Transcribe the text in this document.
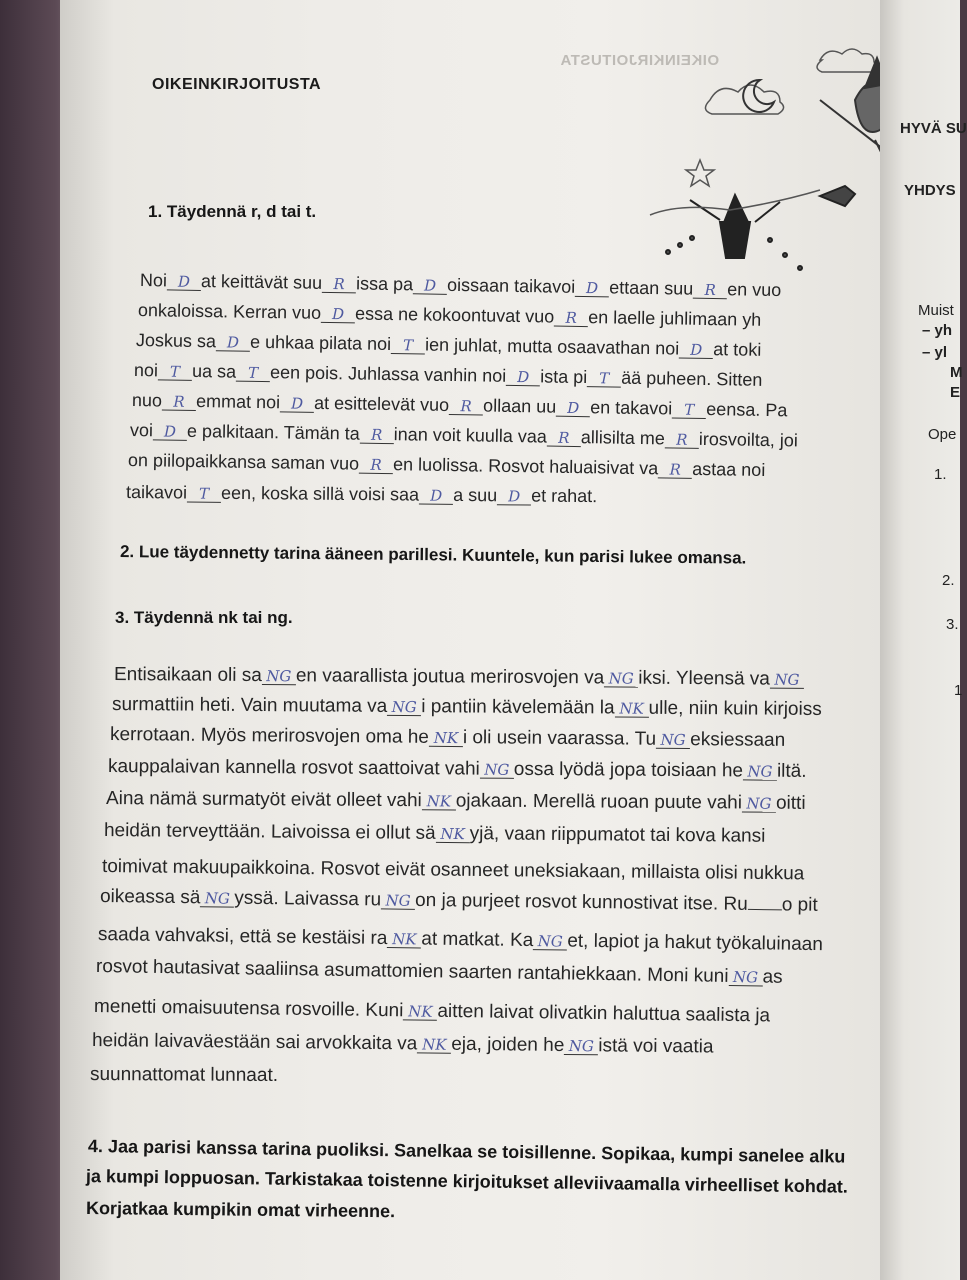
OIKEINKIRJOITUSTA
OIKEINKIRJOITUSTA
1. Täydennä r, d tai t.
Noi D at keittävät suu R issa pa D oissaan taikavoi D ettaan suu R en vuo
onkaloissa. Kerran vuo D essa ne kokoontuvat vuo R en laelle juhlimaan yh
Joskus sa D e uhkaa pilata noi T ien juhlat, mutta osaavathan noi D at toki
noi T ua sa T een pois. Juhlassa vanhin noi D ista pi T ää puheen. Sitten
nuo R emmat noi D at esittelevät vuo R ollaan uu D en takavoi T eensa. Pa
voi D e palkitaan. Tämän ta R inan voit kuulla vaa R allisilta me R irosvoilta, joi
on piilopaikkansa saman vuo R en luolissa. Rosvot haluaisivat va R astaa noi
taikavoi T een, koska sillä voisi saa D a suu D et rahat.
2. Lue täydennetty tarina ääneen parillesi. Kuuntele, kun parisi lukee omansa.
3. Täydennä nk tai ng.
Entisaikaan oli sa NG en vaarallista joutua merirosvojen va NG iksi. Yleensä va NG
surmattiin heti. Vain muutama va NG i pantiin kävelemään la NK ulle, niin kuin kirjoiss
kerrotaan. Myös merirosvojen oma he NK i oli usein vaarassa. Tu NG eksiessaan
kauppalaivan kannella rosvot saattoivat vahi NG ossa lyödä jopa toisiaan he NG iltä.
Aina nämä surmatyöt eivät olleet vahi NK ojakaan. Merellä ruoan puute vahi NG oitti
heidän terveyttään. Laivoissa ei ollut sä NK yjä, vaan riippumatot tai kova kansi
toimivat makuupaikkoina. Rosvot eivät osanneet uneksiakaan, millaista olisi nukkua
oikeassa sä NG yssä. Laivassa ru NG on ja purjeet rosvot kunnostivat itse. Ru o pit
saada vahvaksi, että se kestäisi ra NK at matkat. Ka NG et, lapiot ja hakut työkaluinaan
rosvot hautasivat saaliinsa asumattomien saarten rantahiekkaan. Moni kuni NG as
menetti omaisuutensa rosvoille. Kuni NK aitten laivat olivatkin haluttua saalista ja
heidän laivaväestään sai arvokkaita va NK eja, joiden he NG istä voi vaatia
suunnattomat lunnaat.
4. Jaa parisi kanssa tarina puoliksi. Sanelkaa se toisillenne. Sopikaa, kumpi sanelee alku
ja kumpi loppuosan. Tarkistakaa toistenne kirjoitukset alleviivaamalla virheelliset kohdat.
Korjatkaa kumpikin omat virheenne.
HYVÄ SU
YHDYS
Muist
– yh
– yl
M
E
Ope
1.
2.
3.
1
